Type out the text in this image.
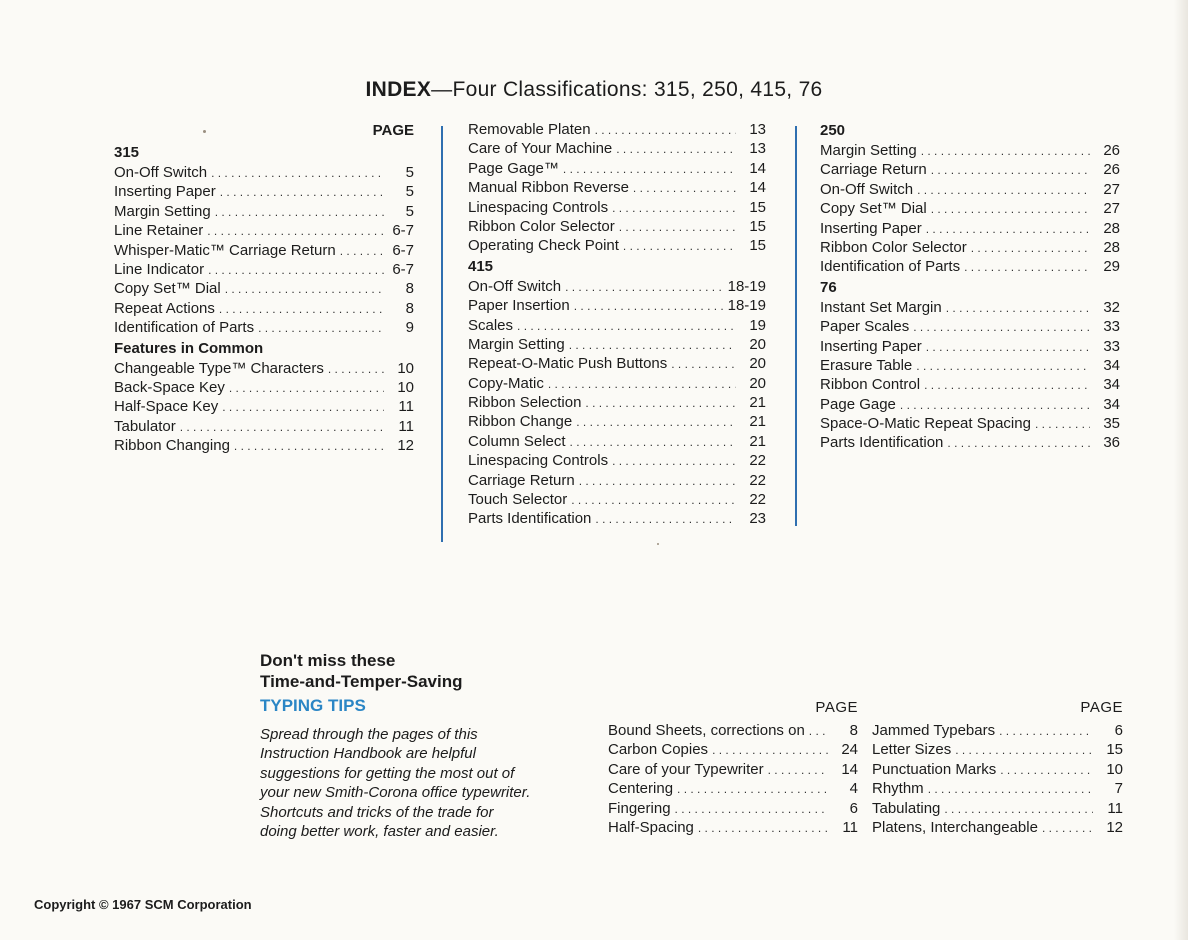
INDEX—Four Classifications: 315, 250, 415, 76
PAGE
315
On-Off Switch . . .	5
Inserting Paper . . .	5
Margin Setting . . .	5
Line Retainer . . .	6-7
Whisper-Matic™ Carriage Return . . .	6-7
Line Indicator . . .	6-7
Copy Set™ Dial . . .	8
Repeat Actions . . .	8
Identification of Parts . . .	9
Features in Common
Changeable Type™ Characters . . .	10
Back-Space Key . . .	10
Half-Space Key . . .	11
Tabulator . . .	11
Ribbon Changing . . .	12
Removable Platen . . .	13
Care of Your Machine . . .	13
Page Gage™ . . .	14
Manual Ribbon Reverse . . .	14
Linespacing Controls . . .	15
Ribbon Color Selector . . .	15
Operating Check Point . . .	15
415
On-Off Switch . . .	18-19
Paper Insertion . . .	18-19
Scales . . .	19
Margin Setting . . .	20
Repeat-O-Matic Push Buttons . . .	20
Copy-Matic . . .	20
Ribbon Selection . . .	21
Ribbon Change . . .	21
Column Select . . .	21
Linespacing Controls . . .	22
Carriage Return . . .	22
Touch Selector . . .	22
Parts Identification . . .	23
250
Margin Setting . . .	26
Carriage Return . . .	26
On-Off Switch . . .	27
Copy Set™ Dial . . .	27
Inserting Paper . . .	28
Ribbon Color Selector . . .	28
Identification of Parts . . .	29
76
Instant Set Margin . . .	32
Paper Scales . . .	33
Inserting Paper . . .	33
Erasure Table . . .	34
Ribbon Control . . .	34
Page Gage . . .	34
Space-O-Matic Repeat Spacing . . .	35
Parts Identification . . .	36
Don't miss these
Time-and-Temper-Saving
TYPING TIPS
Spread through the pages of this
Instruction Handbook are helpful
suggestions for getting the most out of
your new Smith-Corona office typewriter.
Shortcuts and tricks of the trade for
doing better work, faster and easier.
PAGE
Bound Sheets, corrections on . . .	8
Carbon Copies . . .	24
Care of your Typewriter . . .	14
Centering . . .	4
Fingering . . .	6
Half-Spacing . . .	11
PAGE
Jammed Typebars . . .	6
Letter Sizes . . .	15
Punctuation Marks . . .	10
Rhythm . . .	7
Tabulating . . .	11
Platens, Interchangeable . . .	12
Copyright © 1967 SCM Corporation
